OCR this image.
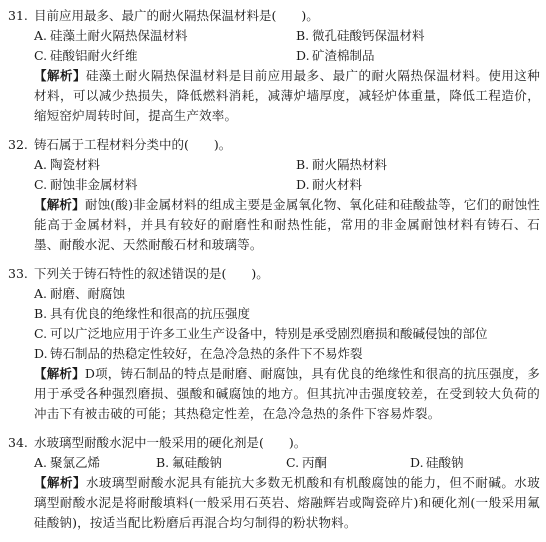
31. 目前应用最多、最广的耐火隔热保温材料是(　　)。
A. 硅藻土耐火隔热保温材料	B. 微孔硅酸钙保温材料
C. 硅酸铝耐火纤维	D. 矿渣棉制品
【解析】硅藻土耐火隔热保温材料是目前应用最多、最广的耐火隔热保温材料。使用这种材料，可以减少热损失，降低燃料消耗，减薄炉墙厚度，减轻炉体重量，降低工程造价，缩短窑炉周转时间，提高生产效率。
32. 铸石属于工程材料分类中的(　　)。
A. 陶瓷材料	B. 耐火隔热材料
C. 耐蚀非金属材料	D. 耐火材料
【解析】耐蚀(酸)非金属材料的组成主要是金属氧化物、氧化硅和硅酸盐等，它们的耐蚀性能高于金属材料，并具有较好的耐磨性和耐热性能，常用的非金属耐蚀材料有铸石、石墨、耐酸水泥、天然耐酸石材和玻璃等。
33. 下列关于铸石特性的叙述错误的是(　　)。
A. 耐磨、耐腐蚀
B. 具有优良的绝缘性和很高的抗压强度
C. 可以广泛地应用于许多工业生产设备中，特别是承受剧烈磨损和酸碱侵蚀的部位
D. 铸石制品的热稳定性较好，在急冷急热的条件下不易炸裂
【解析】D项，铸石制品的特点是耐磨、耐腐蚀，具有优良的绝缘性和很高的抗压强度，多用于承受各种强烈磨损、强酸和碱腐蚀的地方。但其抗冲击强度较差，在受到较大负荷的冲击下有被击破的可能；其热稳定性差，在急冷急热的条件下容易炸裂。
34. 水玻璃型耐酸水泥中一般采用的硬化剂是(　　)。
A. 聚氯乙烯	B. 氟硅酸钠	C. 丙酮	D. 硅酸钠
【解析】水玻璃型耐酸水泥具有能抗大多数无机酸和有机酸腐蚀的能力，但不耐碱。水玻璃型耐酸水泥是将耐酸填料(一般采用石英岩、熔融辉岩或陶瓷碎片)和硬化剂(一般采用氟硅酸钠)，按适当配比粉磨后再混合均匀制得的粉状物料。
